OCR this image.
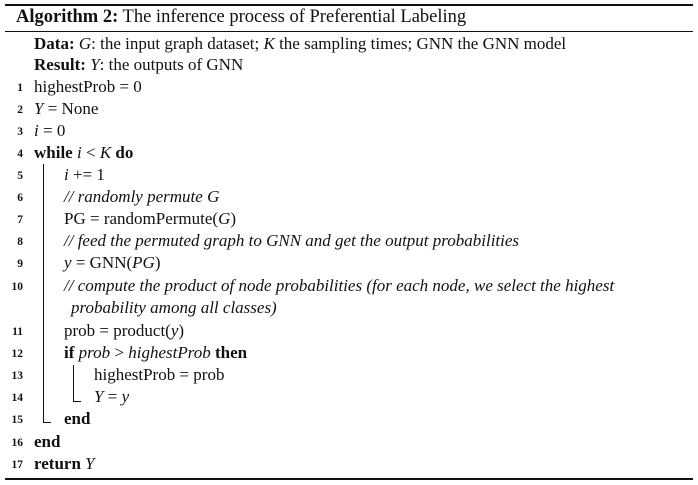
Algorithm 2: The inference process of Preferential Labeling
Data: G: the input graph dataset; K the sampling times; GNN the GNN model
Result: Y: the outputs of GNN
1 highestProb = 0
2 Y = None
3 i = 0
4 while i < K do
5 i += 1
6 // randomly permute G
7 PG = randomPermute(G)
8 // feed the permuted graph to GNN and get the output probabilities
9 y = GNN(PG)
10 // compute the product of node probabilities (for each node, we select the highest
probability among all classes)
11 prob = product(y)
12 if prob > highestProb then
13	highestProb = prob
14	Y = y
15 end
16 end
17 return Y
